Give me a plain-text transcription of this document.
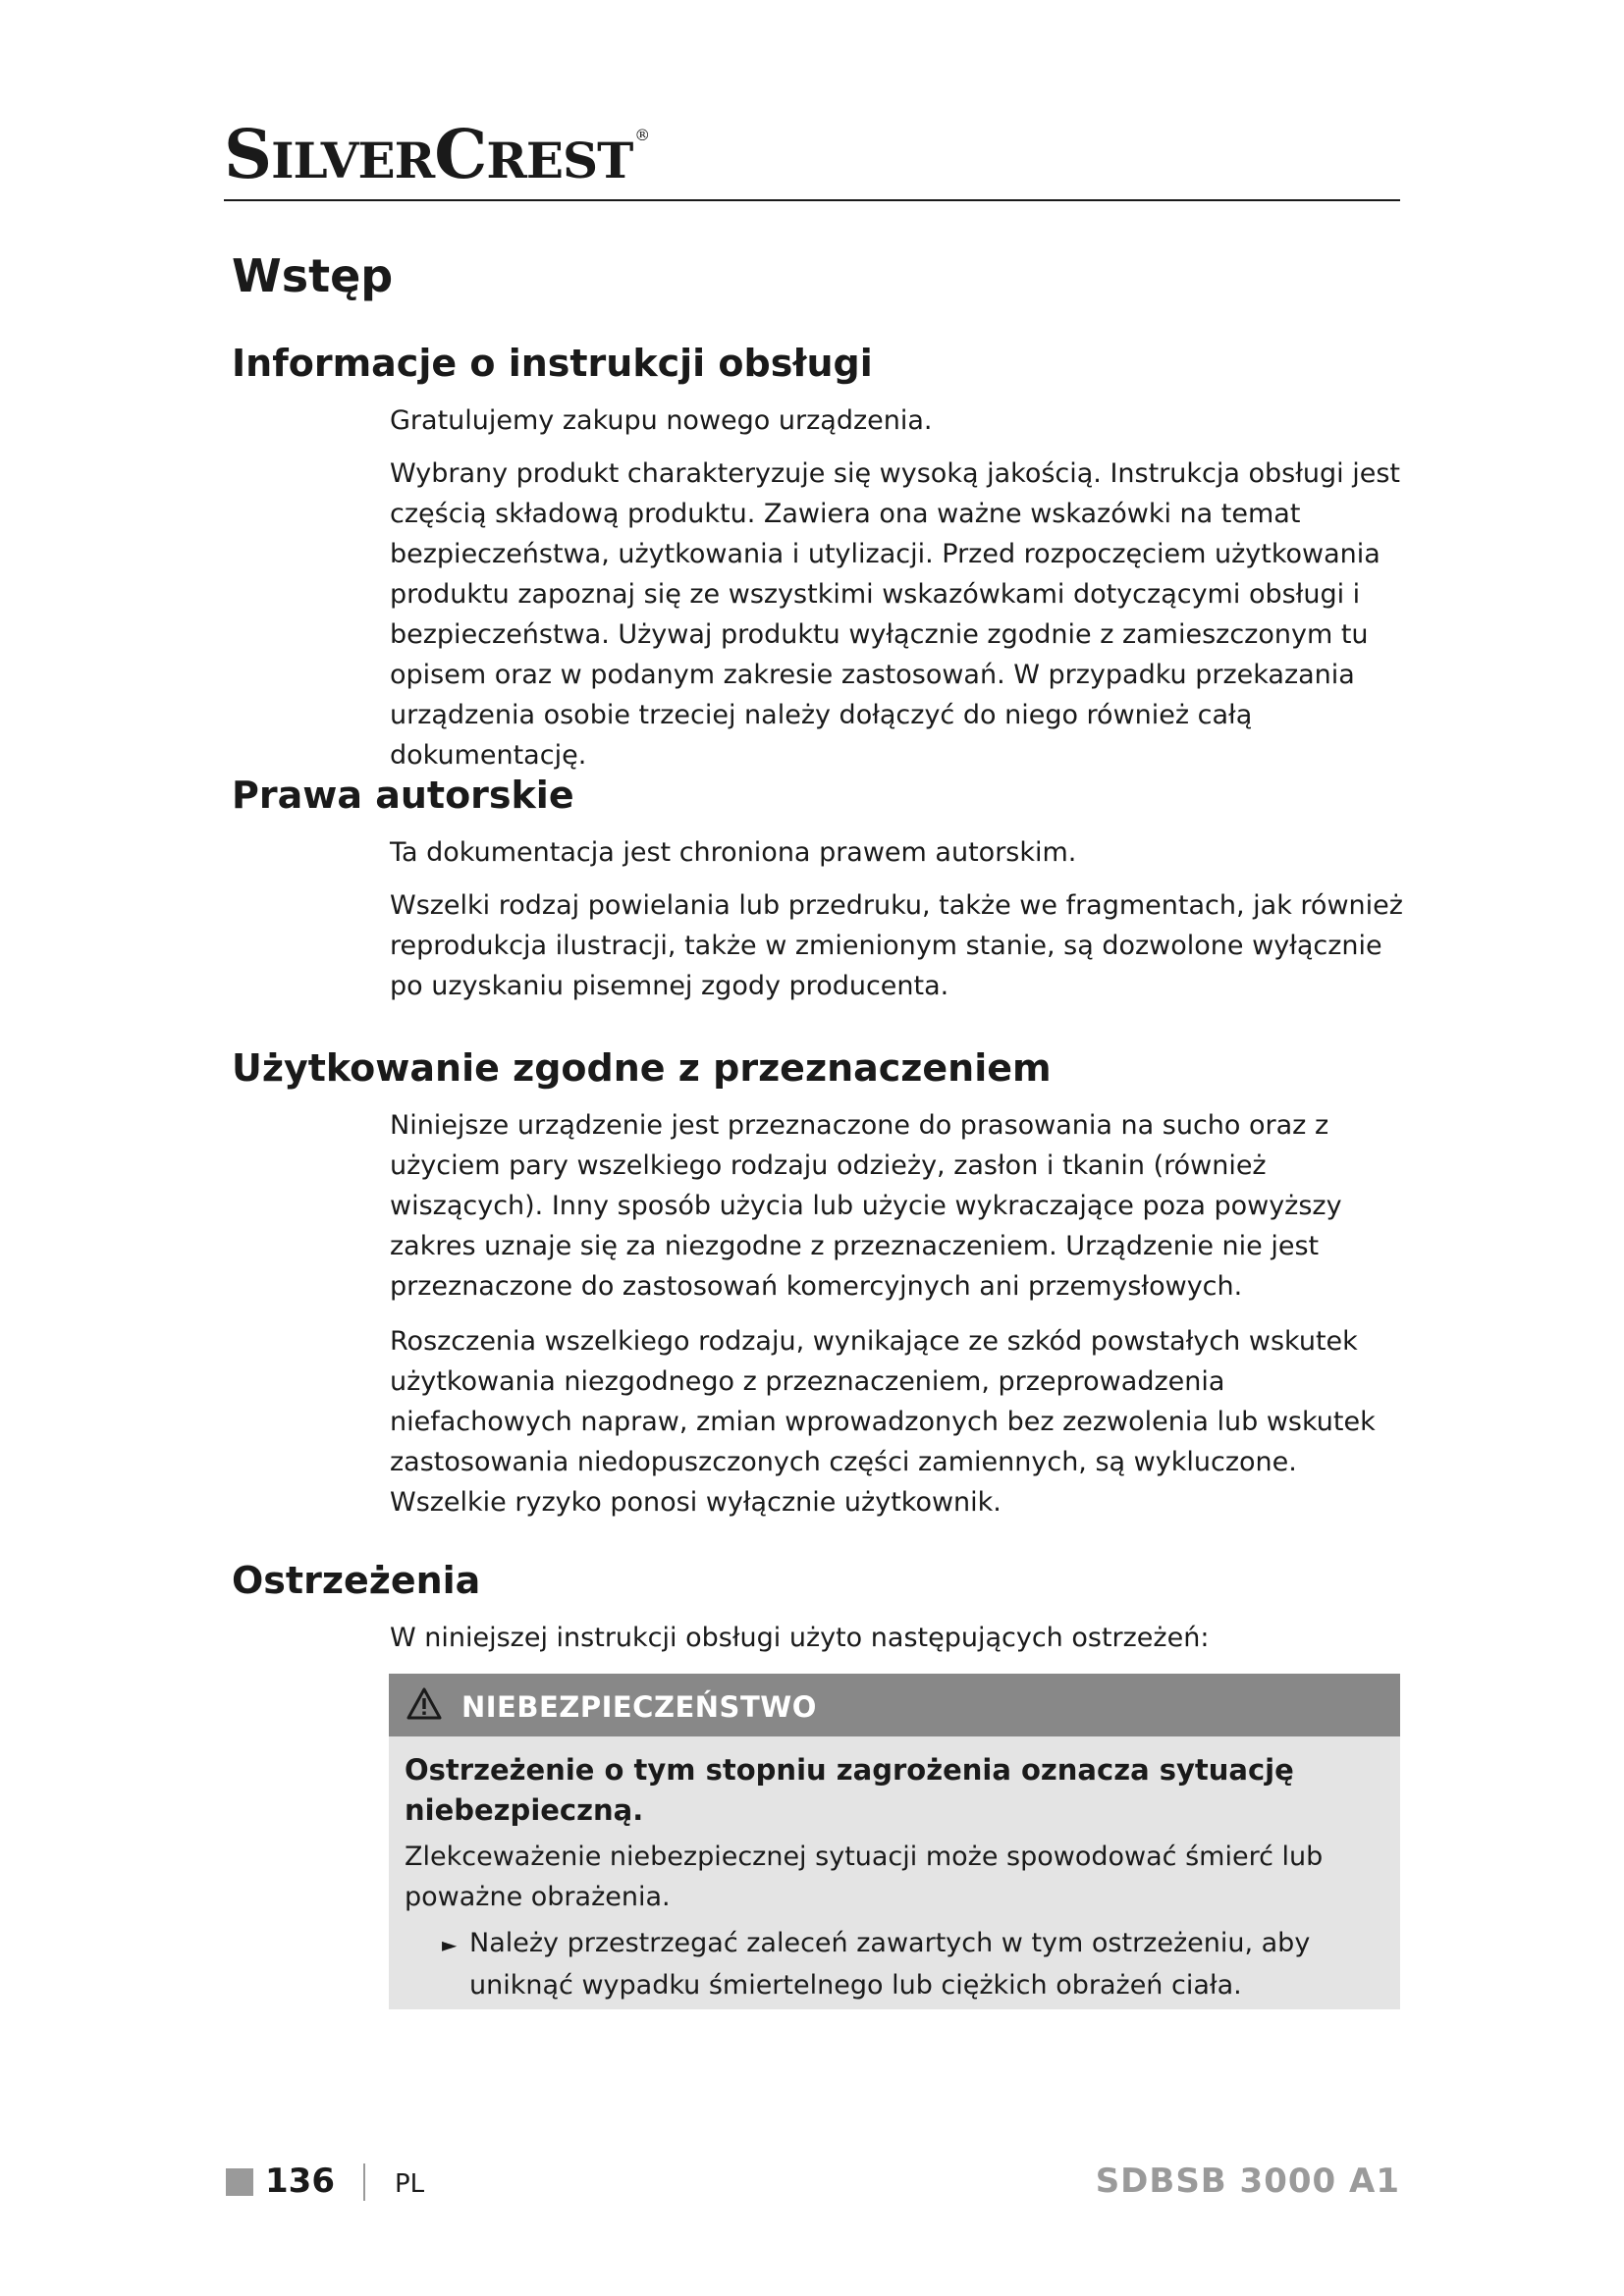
SILVERCREST ®
Wstęp
Informacje o instrukcji obsługi

Gratulujemy zakupu nowego urządzenia.

Wybrany produkt charakteryzuje się wysoką jakością. Instrukcja obsługi jest częścią składową produktu. Zawiera ona ważne wskazówki na temat bezpieczeństwa, użytkowania i utylizacji. Przed rozpoczęciem użytkowania produktu zapoznaj się ze wszystkimi wskazówkami dotyczącymi obsługi i bezpieczeństwa. Używaj produktu wyłącznie zgodnie z zamieszczonym tu opisem oraz w podanym zakresie zastosowań. W przypadku przekazania urządzenia osobie trzeciej należy dołączyć do niego również całą dokumentację.

Prawa autorskie

Ta dokumentacja jest chroniona prawem autorskim.

Wszelki rodzaj powielania lub przedruku, także we fragmentach, jak również reprodukcja ilustracji, także w zmienionym stanie, są dozwolone wyłącznie po uzyskaniu pisemnej zgody producenta.

Użytkowanie zgodne z przeznaczeniem

Niniejsze urządzenie jest przeznaczone do prasowania na sucho oraz z użyciem pary wszelkiego rodzaju odzieży, zasłon i tkanin (również wiszących). Inny sposób użycia lub użycie wykraczające poza powyższy zakres uznaje się za niezgodne z przeznaczeniem. Urządzenie nie jest przeznaczone do zastosowań komercyjnych ani przemysłowych.

Roszczenia wszelkiego rodzaju, wynikające ze szkód powstałych wskutek użytkowania niezgodnego z przeznaczeniem, przeprowadzenia niefachowych napraw, zmian wprowadzonych bez zezwolenia lub wskutek zastosowania niedopuszczonych części zamiennych, są wykluczone. Wszelkie ryzyko ponosi wyłącznie użytkownik.

Ostrzeżenia

W niniejszej instrukcji obsługi użyto następujących ostrzeżeń:

NIEBEZPIECZEŃSTWO

Ostrzeżenie o tym stopniu zagrożenia oznacza sytuację niebezpieczną.

Zlekceważenie niebezpiecznej sytuacji może spowodować śmierć lub poważne obrażenia.

► Należy przestrzegać zaleceń zawartych w tym ostrzeżeniu, aby uniknąć wypadku śmiertelnego lub ciężkich obrażeń ciała.

136 PL	SDBSB 3000 A1
